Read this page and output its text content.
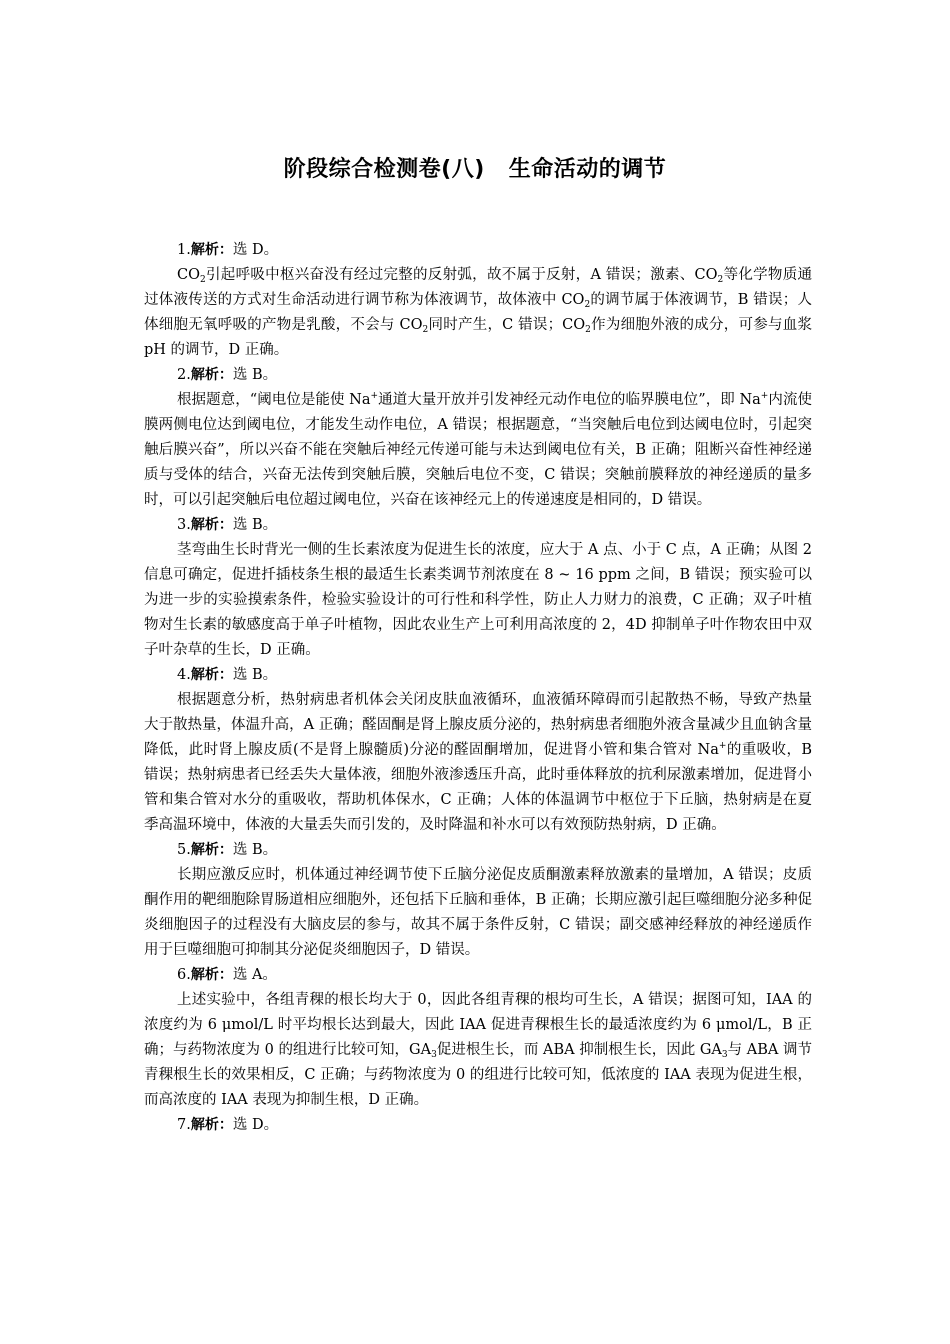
阶段综合检测卷(八) 生命活动的调节

1.解析：选 D。

$CO_2$引起呼吸中枢兴奋没有经过完整的反射弧，故不属于反射，A 错误；激素、$CO_2$等化学物质通过体液传送的方式对生命活动进行调节称为体液调节，故体液中 $CO_2$的调节属于体液调节，B 错误；人体细胞无氧呼吸的产物是乳酸，不会与 $CO_2$同时产生，C 错误；$CO_2$作为细胞外液的成分，可参与血浆 pH 的调节，D 正确。

2.解析：选 B。

根据题意，“阈电位是能使 Na+通道大量开放并引发神经元动作电位的临界膜电位”，即 Na+内流使膜两侧电位达到阈电位，才能发生动作电位，A 错误；根据题意，“当突触后电位到达阈电位时，引起突触后膜兴奋”，所以兴奋不能在突触后神经元传递可能与未达到阈电位有关，B 正确；阻断兴奋性神经递质与受体的结合，兴奋无法传到突触后膜，突触后电位不变，C 错误；突触前膜释放的神经递质的量多时，可以引起突触后电位超过阈电位，兴奋在该神经元上的传递速度是相同的，D 错误。

3.解析：选 B。

茎弯曲生长时背光一侧的生长素浓度为促进生长的浓度，应大于 A 点、小于 C 点，A 正确；从图 2 信息可确定，促进扦插枝条生根的最适生长素类调节剂浓度在 8 ~ 16 ppm 之间，B 错误；预实验可以为进一步的实验摸索条件，检验实验设计的可行性和科学性，防止人力财力的浪费，C 正确；双子叶植物对生长素的敏感度高于单子叶植物，因此农业生产上可利用高浓度的 2，4D 抑制单子叶作物农田中双子叶杂草的生长，D 正确。

4.解析：选 B。

根据题意分析，热射病患者机体会关闭皮肤血液循环，血液循环障碍而引起散热不畅，导致产热量大于散热量，体温升高，A 正确；醛固酮是肾上腺皮质分泌的，热射病患者细胞外液含量减少且血钠含量降低，此时肾上腺皮质(不是肾上腺髓质)分泌的醛固酮增加，促进肾小管和集合管对 Na+的重吸收，B 错误；热射病患者已经丢失大量体液，细胞外液渗透压升高，此时垂体释放的抗利尿激素增加，促进肾小管和集合管对水分的重吸收，帮助机体保水，C 正确；人体的体温调节中枢位于下丘脑，热射病是在夏季高温环境中，体液的大量丢失而引发的，及时降温和补水可以有效预防热射病，D 正确。

5.解析：选 B。

长期应激反应时，机体通过神经调节使下丘脑分泌促皮质酮激素释放激素的量增加，A 错误；皮质酮作用的靶细胞除胃肠道相应细胞外，还包括下丘脑和垂体，B 正确；长期应激引起巨噬细胞分泌多种促炎细胞因子的过程没有大脑皮层的参与，故其不属于条件反射，C 错误；副交感神经释放的神经递质作用于巨噬细胞可抑制其分泌促炎细胞因子，D 错误。

6.解析：选 A。

上述实验中，各组青稞的根长均大于 0，因此各组青稞的根均可生长，A 错误；据图可知，IAA 的浓度约为 6 μmol/L 时平均根长达到最大，因此 IAA 促进青稞根生长的最适浓度约为 6 μmol/L，B 正确；与药物浓度为 0 的组进行比较可知，$GA_3$促进根生长，而 ABA 抑制根生长，因此 $GA_3$与 ABA 调节青稞根生长的效果相反，C 正确；与药物浓度为 0 的组进行比较可知，低浓度的 IAA 表现为促进生根，而高浓度的 IAA 表现为抑制生根，D 正确。

7.解析：选 D。
